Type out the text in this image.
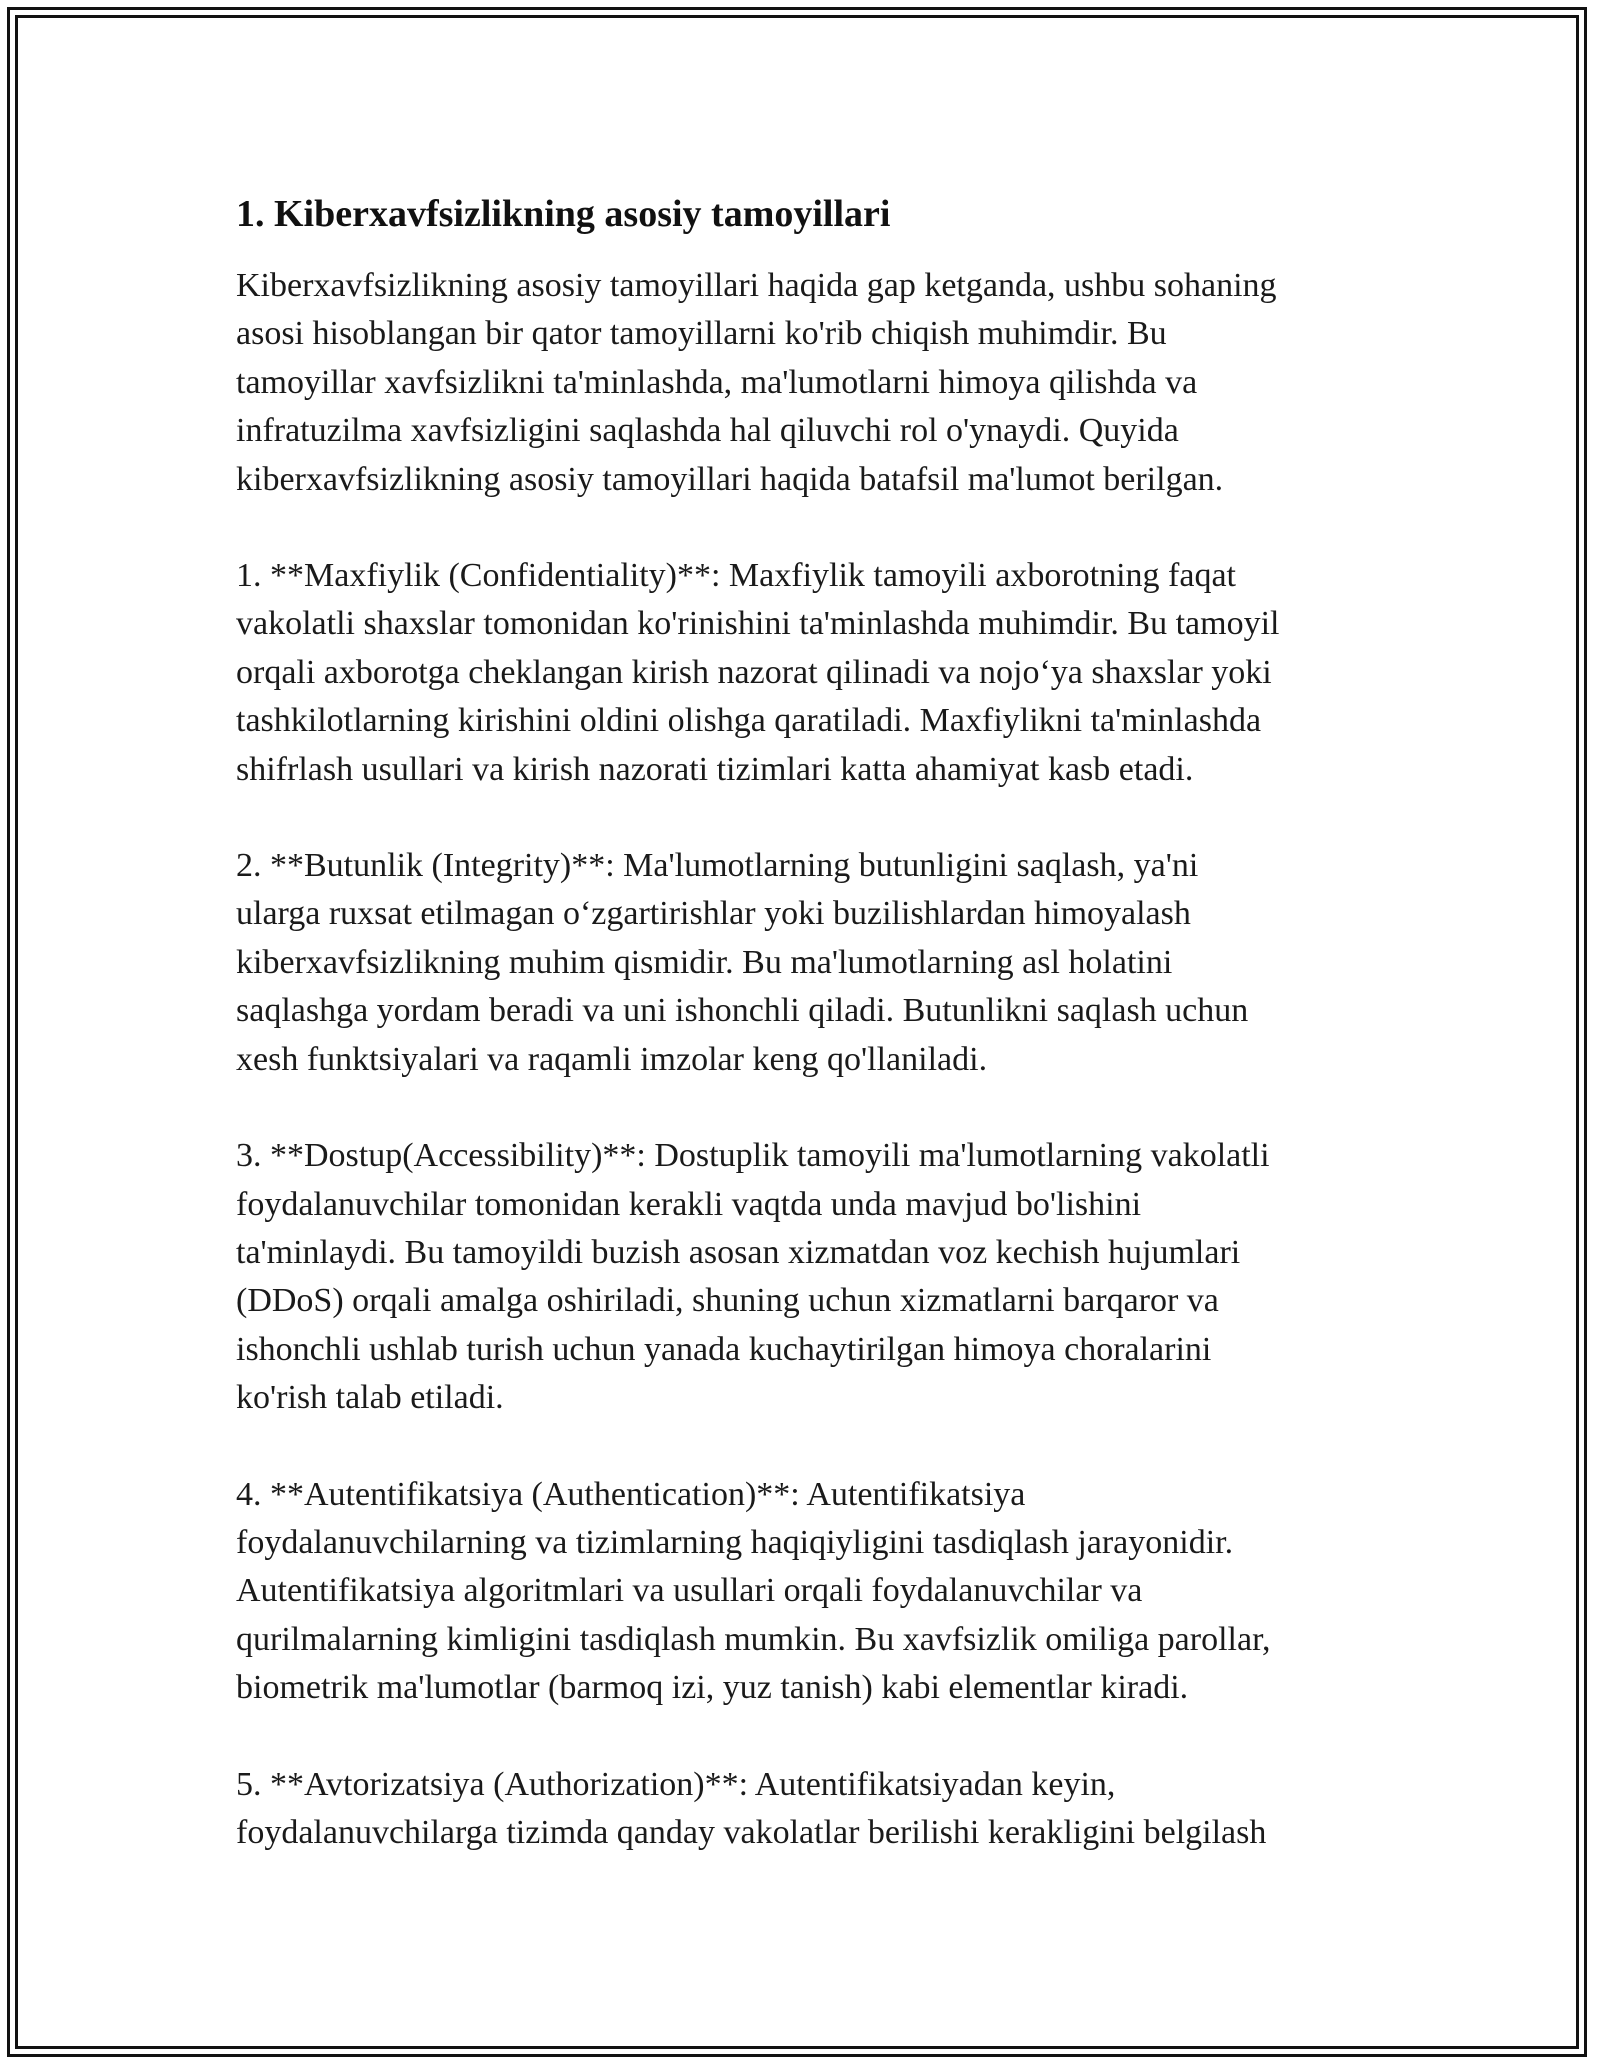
1. Kiberxavfsizlikning asosiy tamoyillari
Kiberxavfsizlikning asosiy tamoyillari haqida gap ketganda, ushbu sohaning
asosi hisoblangan bir qator tamoyillarni ko'rib chiqish muhimdir. Bu
tamoyillar xavfsizlikni ta'minlashda, ma'lumotlarni himoya qilishda va
infratuzilma xavfsizligini saqlashda hal qiluvchi rol o'ynaydi. Quyida
kiberxavfsizlikning asosiy tamoyillari haqida batafsil ma'lumot berilgan.
1. **Maxfiylik (Confidentiality)**: Maxfiylik tamoyili axborotning faqat
vakolatli shaxslar tomonidan ko'rinishini ta'minlashda muhimdir. Bu tamoyil
orqali axborotga cheklangan kirish nazorat qilinadi va nojo‘ya shaxslar yoki
tashkilotlarning kirishini oldini olishga qaratiladi. Maxfiylikni ta'minlashda
shifrlash usullari va kirish nazorati tizimlari katta ahamiyat kasb etadi.
2. **Butunlik (Integrity)**: Ma'lumotlarning butunligini saqlash, ya'ni
ularga ruxsat etilmagan o‘zgartirishlar yoki buzilishlardan himoyalash
kiberxavfsizlikning muhim qismidir. Bu ma'lumotlarning asl holatini
saqlashga yordam beradi va uni ishonchli qiladi. Butunlikni saqlash uchun
xesh funktsiyalari va raqamli imzolar keng qo'llaniladi.
3. **Dostup(Accessibility)**: Dostuplik tamoyili ma'lumotlarning vakolatli
foydalanuvchilar tomonidan kerakli vaqtda unda mavjud bo'lishini
ta'minlaydi. Bu tamoyildi buzish asosan xizmatdan voz kechish hujumlari
(DDoS) orqali amalga oshiriladi, shuning uchun xizmatlarni barqaror va
ishonchli ushlab turish uchun yanada kuchaytirilgan himoya choralarini
ko'rish talab etiladi.
4. **Autentifikatsiya (Authentication)**: Autentifikatsiya
foydalanuvchilarning va tizimlarning haqiqiyligini tasdiqlash jarayonidir.
Autentifikatsiya algoritmlari va usullari orqali foydalanuvchilar va
qurilmalarning kimligini tasdiqlash mumkin. Bu xavfsizlik omiliga parollar,
biometrik ma'lumotlar (barmoq izi, yuz tanish) kabi elementlar kiradi.
5. **Avtorizatsiya (Authorization)**: Autentifikatsiyadan keyin,
foydalanuvchilarga tizimda qanday vakolatlar berilishi kerakligini belgilash
